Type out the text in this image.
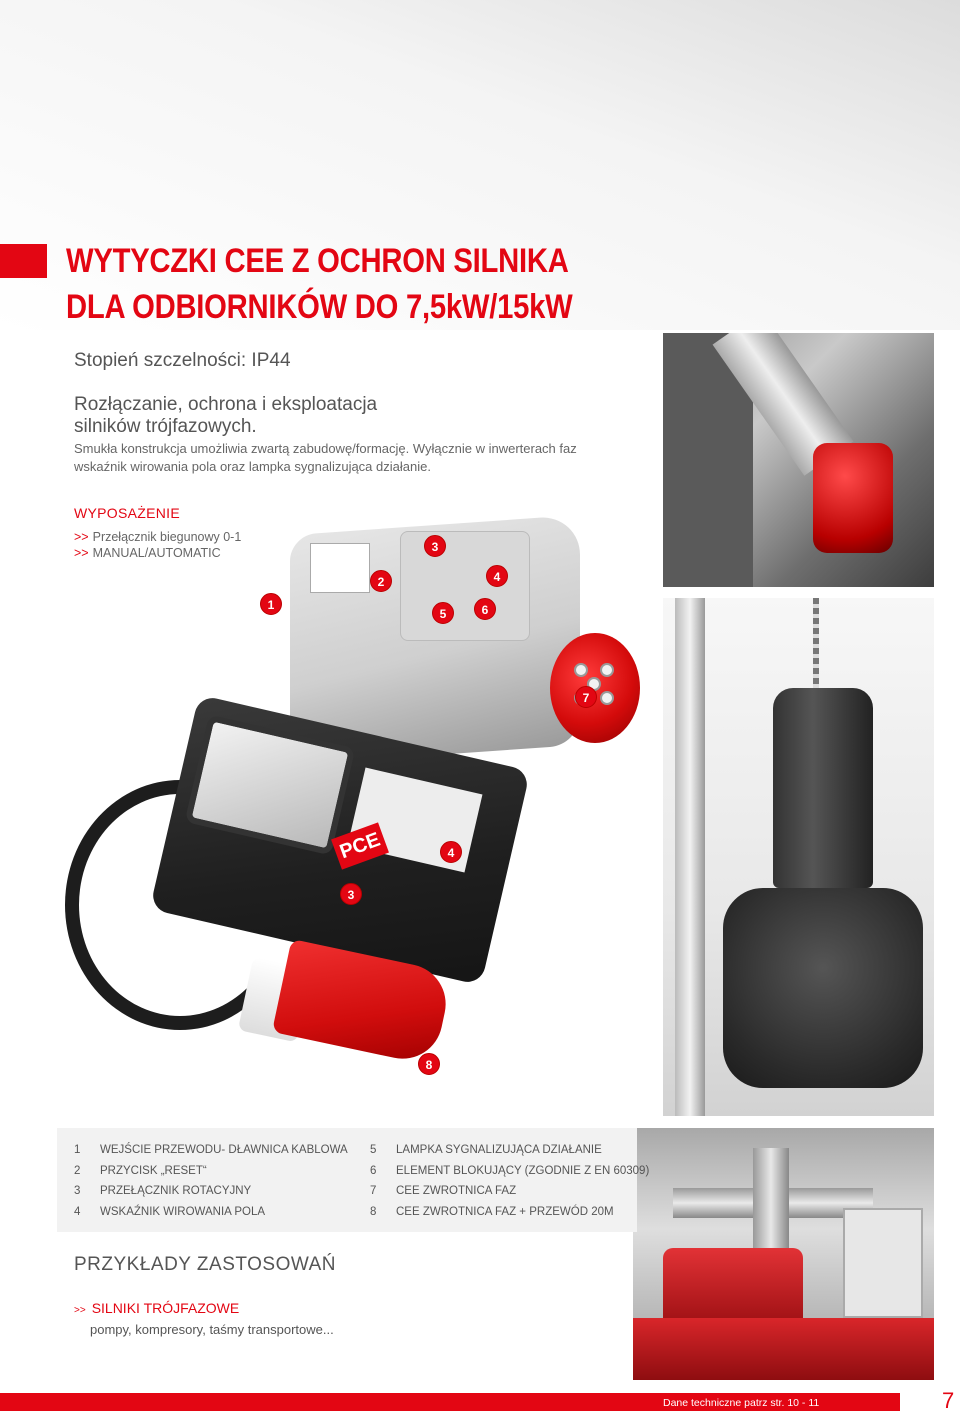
WYTYCZKI CEE Z OCHRON SILNIKA
DLA ODBIORNIKÓW DO 7,5kW/15kW
Stopień szczelności: IP44
Rozłączanie, ochrona i eksploatacja silników trójfazowych.
Smukła konstrukcja umożliwia zwartą zabudowę/formację. Wyłącznie w inwerterach faz
wskaźnik wirowania pola oraz lampka sygnalizująca działanie.
WYPOSAŻENIE
>> Przełącznik biegunowy 0-1
>> MANUAL/AUTOMATIC
PCE
1
2
3
4
5	6
7
4
3
8
1 WEJŚCIE PRZEWODU- DŁAWNICA KABLOWA
2 PRZYCISK „RESET“
3 PRZEŁĄCZNIK ROTACYJNY
4 WSKAŹNIK WIROWANIA POLA
5 LAMPKA SYGNALIZUJĄCA DZIAŁANIE
6 ELEMENT BLOKUJĄCY (ZGODNIE Z EN 60309)
7 CEE ZWROTNICA FAZ
8 CEE ZWROTNICA FAZ + PRZEWÓD 20M
PRZYKŁADY ZASTOSOWAŃ
>> SILNIKI TRÓJFAZOWE
pompy, kompresory, taśmy transportowe...
Dane techniczne patrz str. 10 - 11	7
